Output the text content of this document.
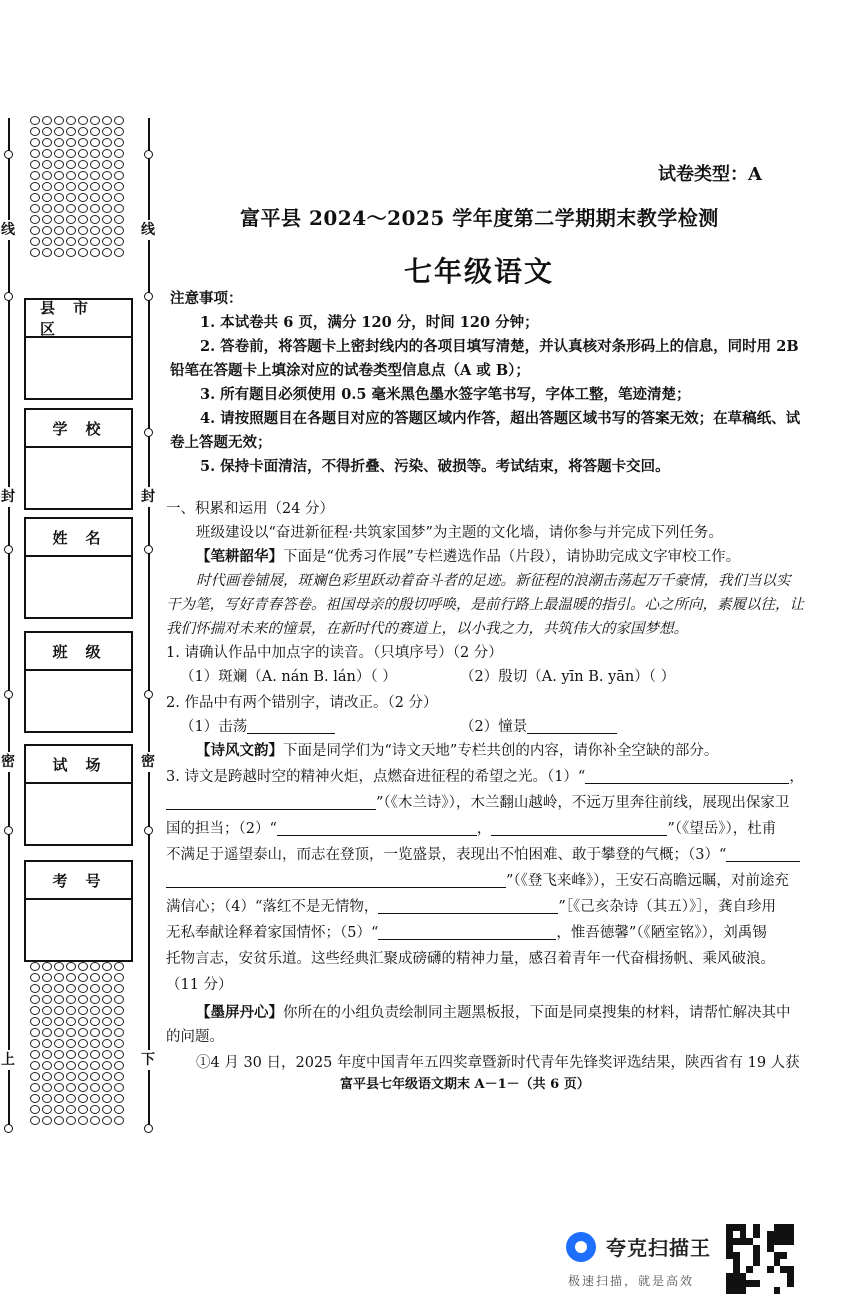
线	线
封	封
密	密
上	下
县市区
学校
姓名
班级
试场
考号
试卷类型：A
富平县 2024～2025 学年度第二学期期末教学检测
七年级语文
注意事项：
1. 本试卷共 6 页，满分 120 分，时间 120 分钟；
2. 答卷前，将答题卡上密封线内的各项目填写清楚，并认真核对条形码上的信息，同时用 2B
铅笔在答题卡上填涂对应的试卷类型信息点（A 或 B）；
3. 所有题目必须使用 0.5 毫米黑色墨水签字笔书写，字体工整，笔迹清楚；
4. 请按照题目在各题目对应的答题区域内作答，超出答题区域书写的答案无效；在草稿纸、试
卷上答题无效；
5. 保持卡面清洁，不得折叠、污染、破损等。考试结束，将答题卡交回。
一、积累和运用（24 分）
班级建设以“奋进新征程·共筑家国梦”为主题的文化墙，请你参与并完成下列任务。
【笔耕韶华】下面是“优秀习作展”专栏遴选作品（片段），请协助完成文字审校工作。
时代画卷铺展，斑斓色彩里跃动着奋斗者的足迹。新征程的浪潮击荡起万千豪情，我们当以实
干为笔，写好青春答卷。祖国母亲的殷切呼唤，是前行路上最温暖的指引。心之所向，素履以往，让
我们怀揣对未来的憧景，在新时代的赛道上，以小我之力，共筑伟大的家国梦想。
1. 请确认作品中加点字的读音。（只填序号）（2 分）
（1）斑斓（A. nán B. lán）（ ）	（2）殷切（A. yīn B. yān）（ ）
2. 作品中有两个错别字，请改正。（2 分）
（1）击荡	（2）憧景
【诗风文韵】下面是同学们为“诗文天地”专栏共创的内容，请你补全空缺的部分。
3. 诗文是跨越时空的精神火炬，点燃奋进征程的希望之光。（1）“	，
”（《木兰诗》），木兰翻山越岭，不远万里奔往前线，展现出保家卫
国的担当；（2）“	，	”（《望岳》），杜甫
不满足于遥望泰山，而志在登顶，一览盛景，表现出不怕困难、敢于攀登的气概；（3）“
”（《登飞来峰》），王安石高瞻远瞩，对前途充
满信心；（4）“落红不是无情物，	”［《己亥杂诗（其五）》］，龚自珍用
无私奉献诠释着家国情怀；（5）“	，惟吾德馨”（《陋室铭》），刘禹锡
托物言志，安贫乐道。这些经典汇聚成磅礴的精神力量，感召着青年一代奋楫扬帆、乘风破浪。
（11 分）
【墨屏丹心】你所在的小组负责绘制同主题黑板报，下面是同桌搜集的材料，请帮忙解决其中
的问题。
①4 月 30 日，2025 年度中国青年五四奖章暨新时代青年先锋奖评选结果，陕西省有 19 人获
富平县七年级语文期末 A－1－（共 6 页）
夸克扫描王
极速扫描，就是高效
